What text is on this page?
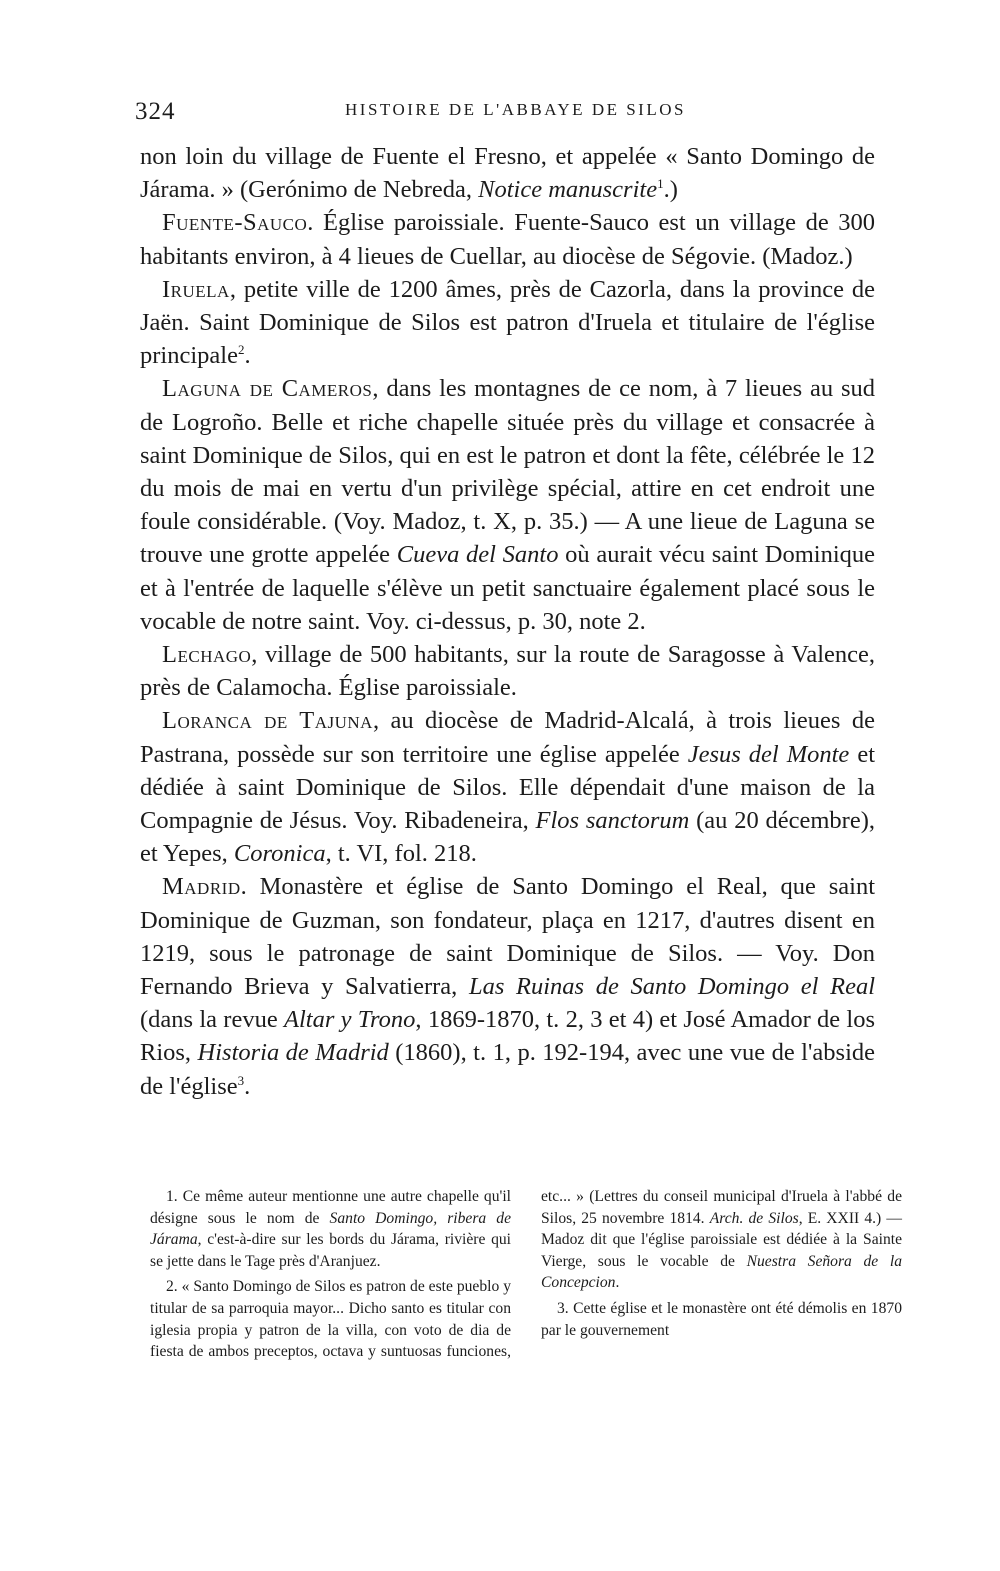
324	HISTOIRE DE L'ABBAYE DE SILOS

non loin du village de Fuente el Fresno, et appelée « Santo Domingo de Járama. » (Gerónimo de Nebreda, Notice manuscrite$^1$.)

Fuente-Sauco. Église paroissiale. Fuente-Sauco est un village de 300 habitants environ, à 4 lieues de Cuellar, au diocèse de Ségovie. (Madoz.)

Iruela, petite ville de 1200 âmes, près de Cazorla, dans la province de Jaën. Saint Dominique de Silos est patron d'Iruela et titulaire de l'église principale$^2$.

Laguna de Cameros, dans les montagnes de ce nom, à 7 lieues au sud de Logroño. Belle et riche chapelle située près du village et consacrée à saint Dominique de Silos, qui en est le patron et dont la fête, célébrée le 12 du mois de mai en vertu d'un privilège spécial, attire en cet endroit une foule considérable. (Voy. Madoz, t. X, p. 35.) — A une lieue de Laguna se trouve une grotte appelée Cueva del Santo où aurait vécu saint Dominique et à l'entrée de laquelle s'élève un petit sanctuaire également placé sous le vocable de notre saint. Voy. ci-dessus, p. 30, note 2.

Lechago, village de 500 habitants, sur la route de Saragosse à Valence, près de Calamocha. Église paroissiale.

Loranca de Tajuna, au diocèse de Madrid-Alcalá, à trois lieues de Pastrana, possède sur son territoire une église appelée Jesus del Monte et dédiée à saint Dominique de Silos. Elle dépendait d'une maison de la Compagnie de Jésus. Voy. Ribadeneira, Flos sanctorum (au 20 décembre), et Yepes, Coronica, t. VI, fol. 218.

Madrid. Monastère et église de Santo Domingo el Real, que saint Dominique de Guzman, son fondateur, plaça en 1217, d'autres disent en 1219, sous le patronage de saint Dominique de Silos. — Voy. Don Fernando Brieva y Salvatierra, Las Ruinas de Santo Domingo el Real (dans la revue Altar y Trono, 1869-1870, t. 2, 3 et 4) et José Amador de los Rios, Historia de Madrid (1860), t. 1, p. 192-194, avec une vue de l'abside de l'église$^3$.

1. Ce même auteur mentionne une autre chapelle qu'il désigne sous le nom de Santo Domingo, ribera de Járama, c'est-à-dire sur les bords du Járama, rivière qui se jette dans le Tage près d'Aranjuez.

2. « Santo Domingo de Silos es patron de este pueblo y titular de sa parroquia mayor... Dicho santo es titular con iglesia propia y patron de la villa, con voto de dia de fiesta de ambos preceptos, octava y suntuosas funciones, etc... » (Lettres du conseil municipal d'Iruela à l'abbé de Silos, 25 novembre 1814. Arch. de Silos, E. XXII 4.) — Madoz dit que l'église paroissiale est dédiée à la Sainte Vierge, sous le vocable de Nuestra Señora de la Concepcion.

3. Cette église et le monastère ont été démolis en 1870 par le gouvernement
